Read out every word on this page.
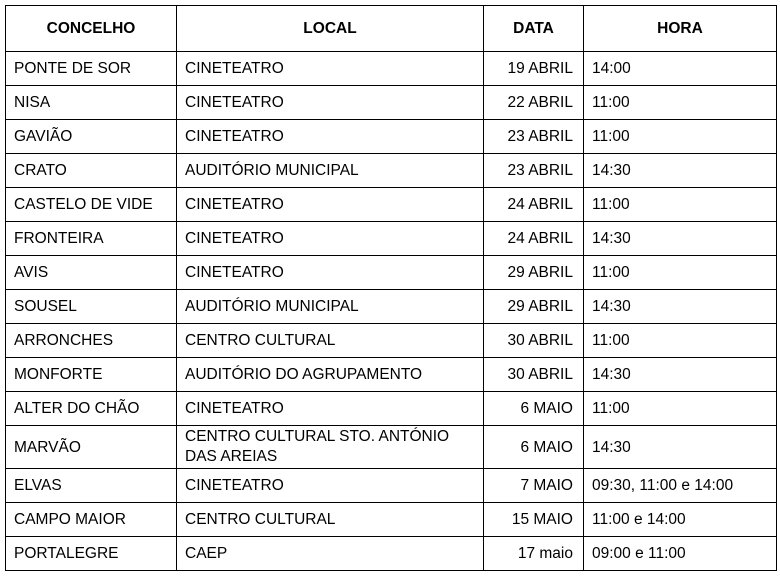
CONCELHO	LOCAL	DATA	HORA
PONTE DE SOR	CINETEATRO	19 ABRIL	14:00
NISA	CINETEATRO	22 ABRIL	11:00
GAVIÃO	CINETEATRO	23 ABRIL	11:00
CRATO	AUDITÓRIO MUNICIPAL	23 ABRIL	14:30
CASTELO DE VIDE	CINETEATRO	24 ABRIL	11:00
FRONTEIRA	CINETEATRO	24 ABRIL	14:30
AVIS	CINETEATRO	29 ABRIL	11:00
SOUSEL	AUDITÓRIO MUNICIPAL	29 ABRIL	14:30
ARRONCHES	CENTRO CULTURAL	30 ABRIL	11:00
MONFORTE	AUDITÓRIO DO AGRUPAMENTO	30 ABRIL	14:30
ALTER DO CHÃO	CINETEATRO	6 MAIO	11:00
MARVÃO	CENTRO CULTURAL STO. ANTÓNIO DAS AREIAS	6 MAIO	14:30
ELVAS	CINETEATRO	7 MAIO	09:30, 11:00 e 14:00
CAMPO MAIOR	CENTRO CULTURAL	15 MAIO	11:00 e 14:00
PORTALEGRE	CAEP	17 maio	09:00 e 11:00
